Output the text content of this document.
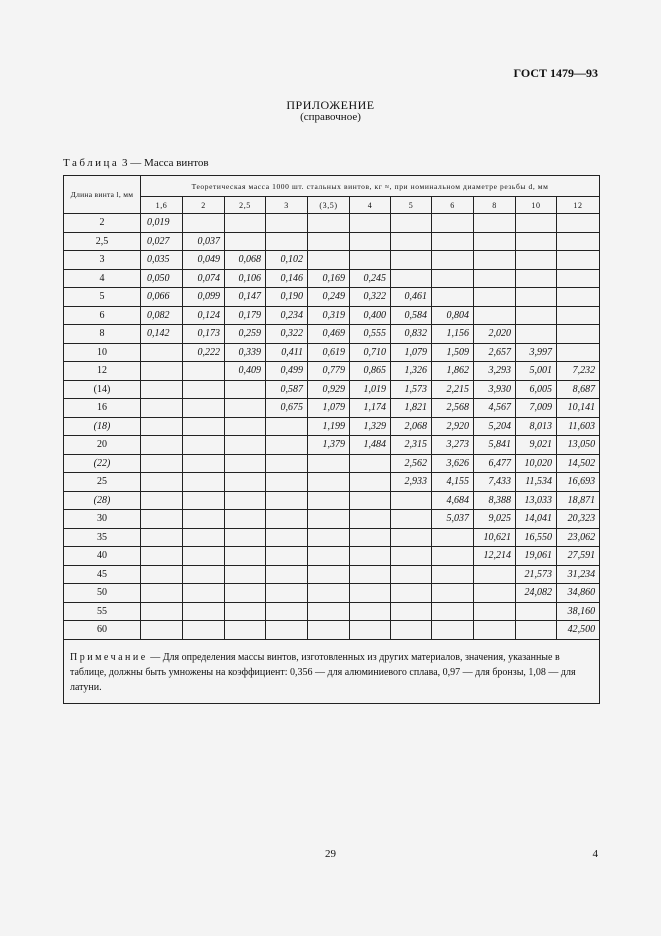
ГОСТ 1479—93
ПРИЛОЖЕНИЕ
(справочное)
Таблица 3 — Масса винтов
Длина винта l, мм	Теоретическая масса 1000 шт. стальных винтов, кг ≈, при номинальном диаметре резьбы d, мм										
	1,6	2	2,5	3	(3,5)	4	5	6	8	10	12
2	0,019										
2,5	0,027	0,037									
3	0,035	0,049	0,068	0,102							
4	0,050	0,074	0,106	0,146	0,169	0,245					
5	0,066	0,099	0,147	0,190	0,249	0,322	0,461				
6	0,082	0,124	0,179	0,234	0,319	0,400	0,584	0,804			
8	0,142	0,173	0,259	0,322	0,469	0,555	0,832	1,156	2,020		
10		0,222	0,339	0,411	0,619	0,710	1,079	1,509	2,657	3,997	
12			0,409	0,499	0,779	0,865	1,326	1,862	3,293	5,001	7,232
(14)				0,587	0,929	1,019	1,573	2,215	3,930	6,005	8,687
16				0,675	1,079	1,174	1,821	2,568	4,567	7,009	10,141
(18)					1,199	1,329	2,068	2,920	5,204	8,013	11,603
20					1,379	1,484	2,315	3,273	5,841	9,021	13,050
(22)							2,562	3,626	6,477	10,020	14,502
25							2,933	4,155	7,433	11,534	16,693
(28)								4,684	8,388	13,033	18,871
30								5,037	9,025	14,041	20,323
35									10,621	16,550	23,062
40									12,214	19,061	27,591
45										21,573	31,234
50										24,082	34,860
55											38,160
60											42,500
Примечание — Для определения массы винтов, изготовленных из других материалов, значения, указанные в таблице, должны быть умножены на коэффициент: 0,356 — для алюминиевого сплава, 0,97 — для бронзы, 1,08 — для латуни.											
29	4
